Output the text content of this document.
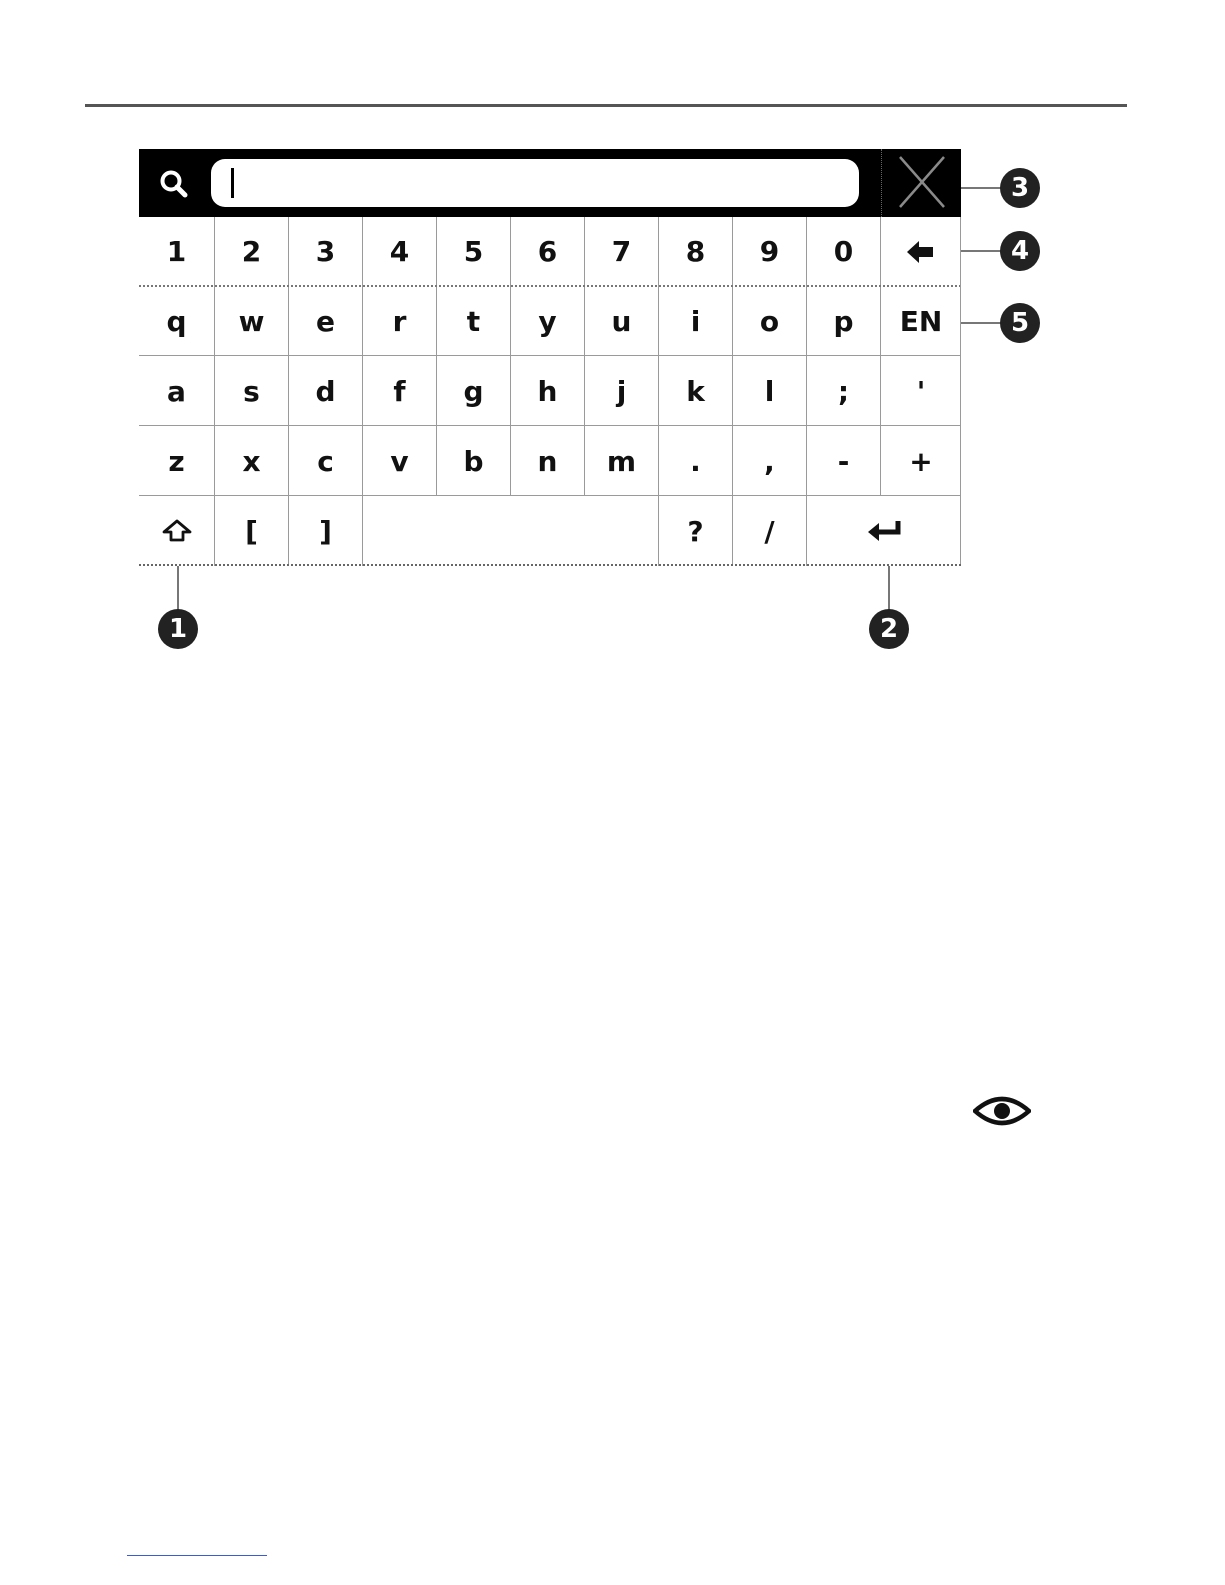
1	2	3	4	5	6	7	8	9	0
q	w	e	r	t	y	u	i	o	p	EN
a	s	d	f	g	h	j	k	l	;	'
z	x	c	v	b	n	m	.	,	-	+
[	]	?	/
1	2
3
4
5
